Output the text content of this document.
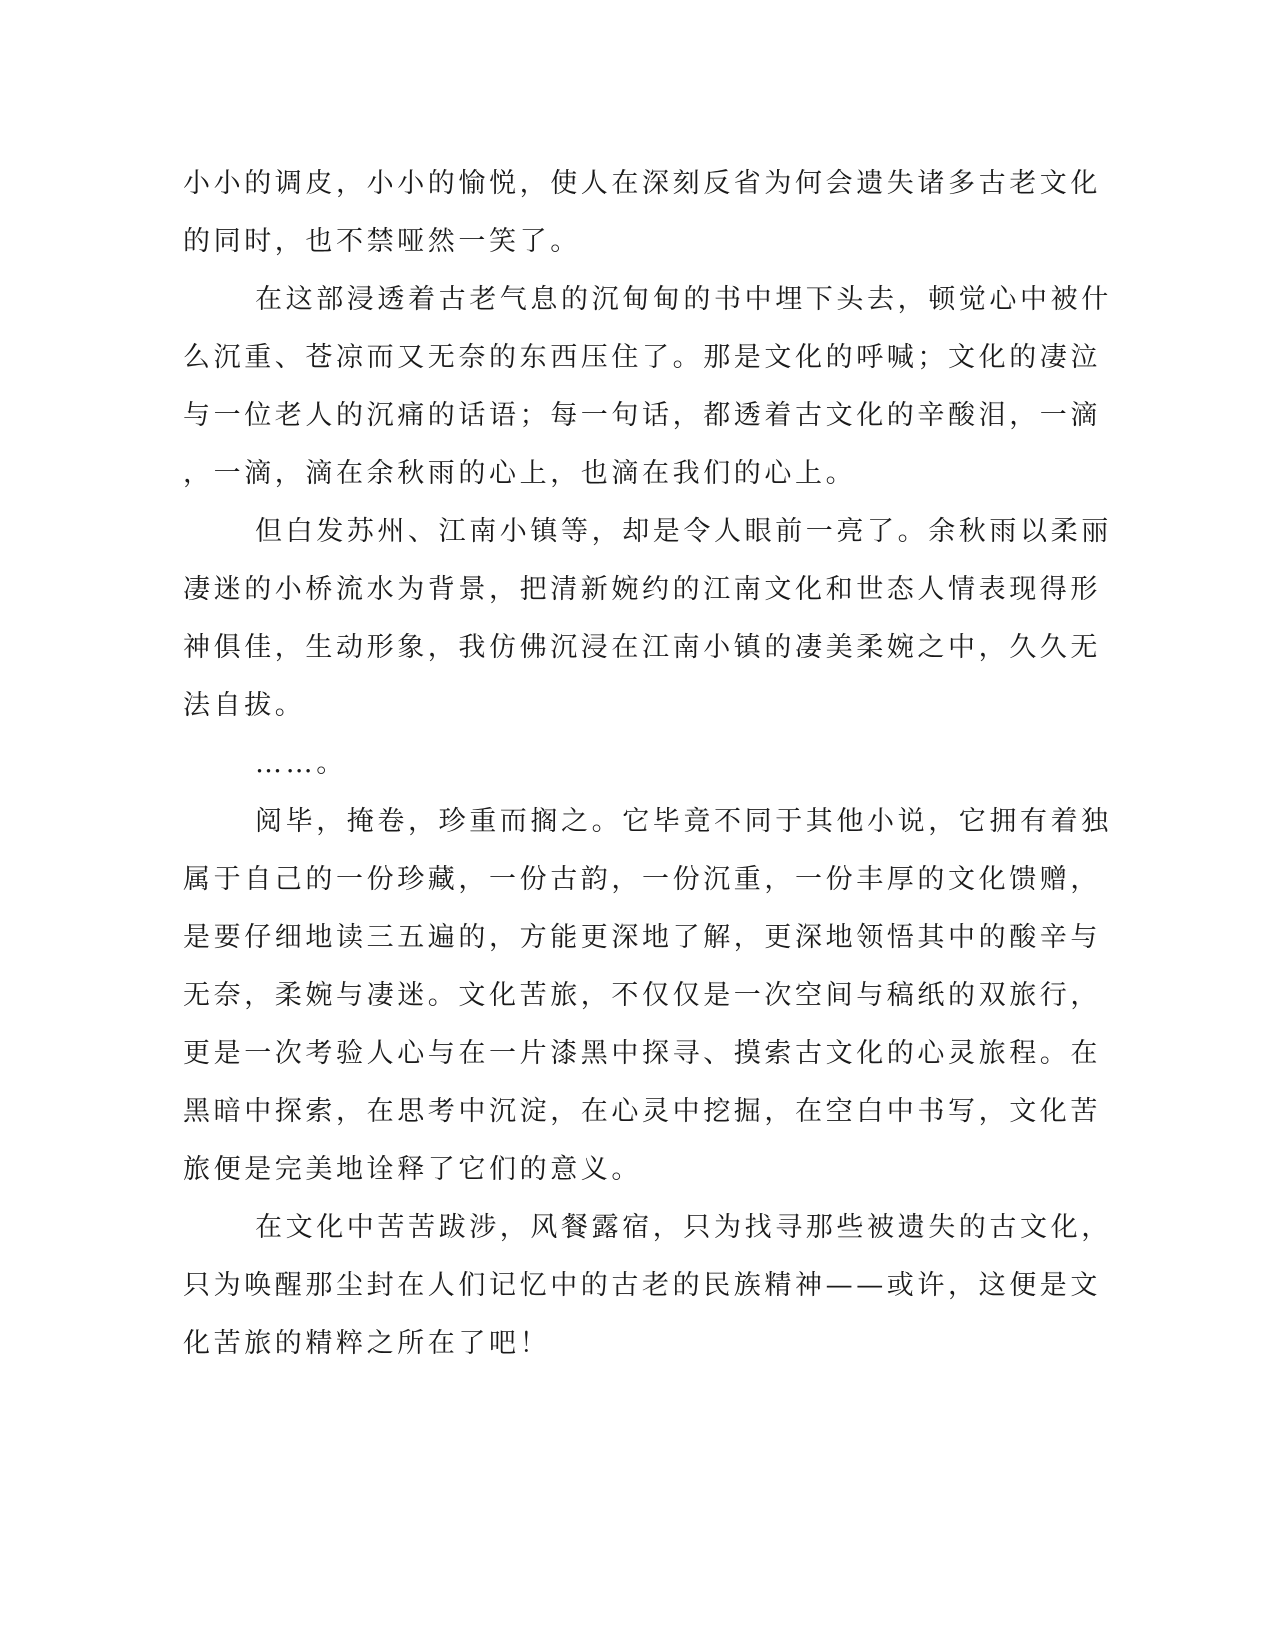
小小的调皮，小小的愉悦，使人在深刻反省为何会遗失诸多古老文化
的同时，也不禁哑然一笑了。
在这部浸透着古老气息的沉甸甸的书中埋下头去，顿觉心中被什
么沉重、苍凉而又无奈的东西压住了。那是文化的呼喊；文化的凄泣
与一位老人的沉痛的话语；每一句话，都透着古文化的辛酸泪，一滴
，一滴，滴在余秋雨的心上，也滴在我们的心上。
但白发苏州、江南小镇等，却是令人眼前一亮了。余秋雨以柔丽
凄迷的小桥流水为背景，把清新婉约的江南文化和世态人情表现得形
神俱佳，生动形象，我仿佛沉浸在江南小镇的凄美柔婉之中，久久无
法自拔。
……。
阅毕，掩卷，珍重而搁之。它毕竟不同于其他小说，它拥有着独
属于自己的一份珍藏，一份古韵，一份沉重，一份丰厚的文化馈赠，
是要仔细地读三五遍的，方能更深地了解，更深地领悟其中的酸辛与
无奈，柔婉与凄迷。文化苦旅，不仅仅是一次空间与稿纸的双旅行，
更是一次考验人心与在一片漆黑中探寻、摸索古文化的心灵旅程。在
黑暗中探索，在思考中沉淀，在心灵中挖掘，在空白中书写，文化苦
旅便是完美地诠释了它们的意义。
在文化中苦苦跋涉，风餐露宿，只为找寻那些被遗失的古文化，
只为唤醒那尘封在人们记忆中的古老的民族精神——或许，这便是文
化苦旅的精粹之所在了吧！
